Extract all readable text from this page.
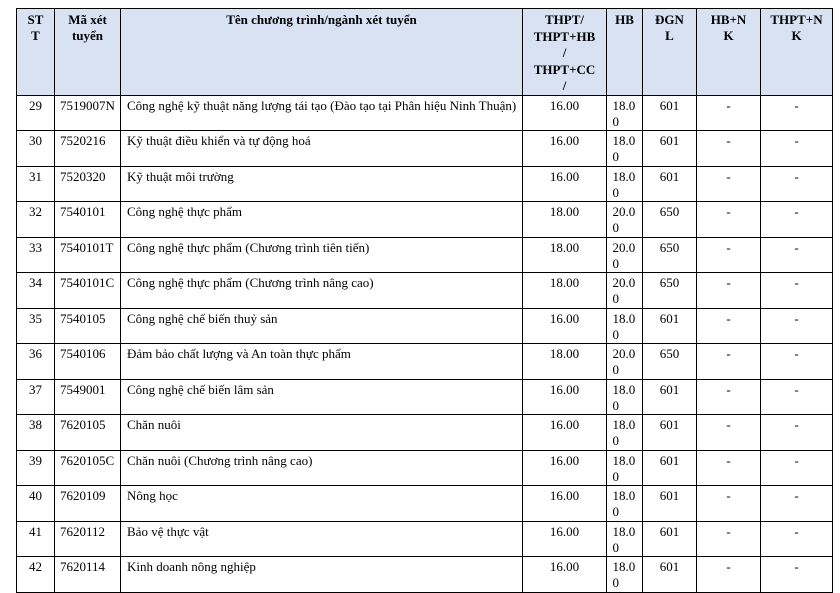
STT	Mã xét tuyển	Tên chương trình/ngành xét tuyển	THPT/ THPT+HB / THPT+CC /	HB	ĐGNL	HB+NK	THPT+NK

29	7519007N	Công nghệ kỹ thuật năng lượng tái tạo (Đào tạo tại Phân hiệu Ninh Thuận)	16.00	18.00	601	-	-
30	7520216	Kỹ thuật điều khiển và tự động hoá	16.00	18.00	601	-	-
31	7520320	Kỹ thuật môi trường	16.00	18.00	601	-	-
32	7540101	Công nghệ thực phẩm	18.00	20.00	650	-	-
33	7540101T	Công nghệ thực phẩm (Chương trình tiên tiến)	18.00	20.00	650	-	-
34	7540101C	Công nghệ thực phẩm (Chương trình nâng cao)	18.00	20.00	650	-	-
35	7540105	Công nghệ chế biến thuỷ sản	16.00	18.00	601	-	-
36	7540106	Đảm bảo chất lượng và An toàn thực phẩm	18.00	20.00	650	-	-
37	7549001	Công nghệ chế biến lâm sản	16.00	18.00	601	-	-
38	7620105	Chăn nuôi	16.00	18.00	601	-	-
39	7620105C	Chăn nuôi (Chương trình nâng cao)	16.00	18.00	601	-	-
40	7620109	Nông học	16.00	18.00	601	-	-
41	7620112	Bảo vệ thực vật	16.00	18.00	601	-	-
42	7620114	Kinh doanh nông nghiệp	16.00	18.00	601	-	-
